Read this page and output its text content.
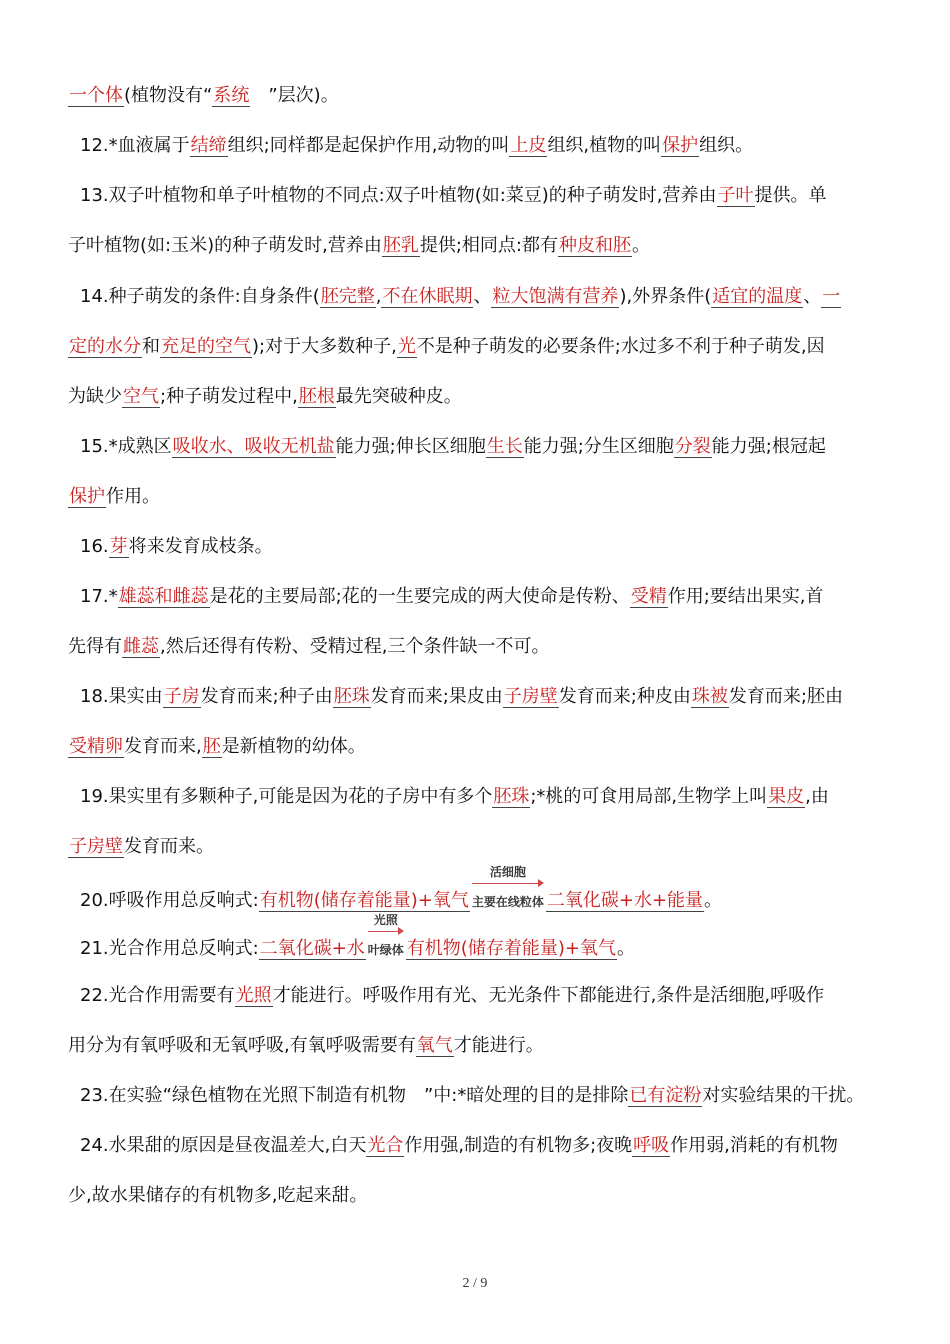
一个体(植物没有“系统　”层次)。
12.*血液属于结缔组织;同样都是起保护作用,动物的叫上皮组织,植物的叫保护组织。
13.双子叶植物和单子叶植物的不同点:双子叶植物(如:菜豆)的种子萌发时,营养由子叶提供。单
子叶植物(如:玉米)的种子萌发时,营养由胚乳提供;相同点:都有种皮和胚。
14.种子萌发的条件:自身条件(胚完整,不在休眠期、粒大饱满有营养),外界条件(适宜的温度、一
定的水分和充足的空气);对于大多数种子,光不是种子萌发的必要条件;水过多不利于种子萌发,因
为缺少空气;种子萌发过程中,胚根最先突破种皮。
15.*成熟区吸收水、吸收无机盐能力强;伸长区细胞生长能力强;分生区细胞分裂能力强;根冠起
保护作用。
16.芽将来发育成枝条。
17.*雄蕊和雌蕊是花的主要局部;花的一生要完成的两大使命是传粉、受精作用;要结出果实,首
先得有雌蕊,然后还得有传粉、受精过程,三个条件缺一不可。
18.果实由子房发育而来;种子由胚珠发育而来;果皮由子房壁发育而来;种皮由珠被发育而来;胚由
受精卵发育而来,胚是新植物的幼体。
19.果实里有多颗种子,可能是因为花的子房中有多个胚珠;*桃的可食用局部,生物学上叫果皮,由
子房壁发育而来。
20.呼吸作用总反响式:有机物(储存着能量)+氧气
活细胞
主要在线粒体 二氧化碳+水+能量。
21.光合作用总反响式:二氧化碳+水
光照
叶绿体 有机物(储存着能量)+氧气。
22.光合作用需要有光照才能进行。呼吸作用有光、无光条件下都能进行,条件是活细胞,呼吸作
用分为有氧呼吸和无氧呼吸,有氧呼吸需要有氧气才能进行。
23.在实验“绿色植物在光照下制造有机物　”中:*暗处理的目的是排除已有淀粉对实验结果的干扰。
24.水果甜的原因是昼夜温差大,白天光合作用强,制造的有机物多;夜晚呼吸作用弱,消耗的有机物
少,故水果储存的有机物多,吃起来甜。
2 / 9
